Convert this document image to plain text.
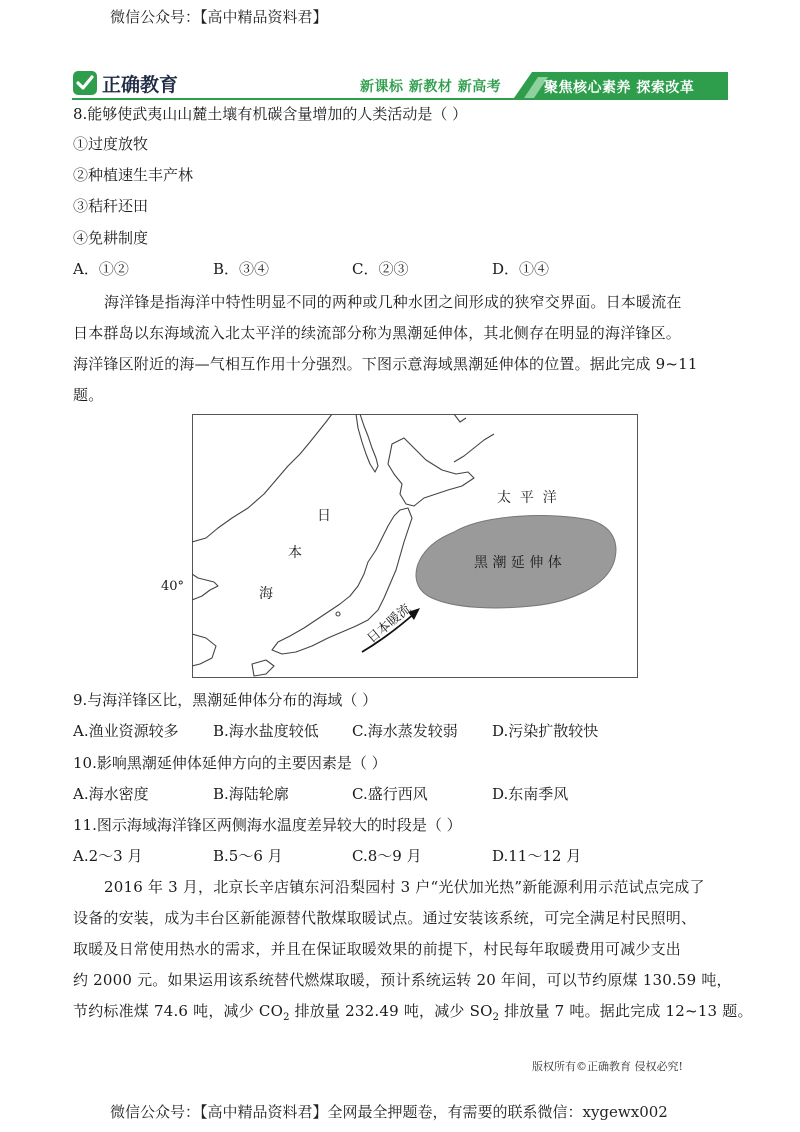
微信公众号：【高中精品资料君】
正确教育	新课标 新教材 新高考	聚焦核心素养 探索改革
8.能够使武夷山山麓土壤有机碳含量增加的人类活动是（ ）
①过度放牧
②种植速生丰产林
③秸秆还田
④免耕制度
A．①②	B．③④	C．②③	D．①④
海洋锋是指海洋中特性明显不同的两种或几种水团之间形成的狭窄交界面。日本暖流在
日本群岛以东海域流入北太平洋的续流部分称为黑潮延伸体，其北侧存在明显的海洋锋区。
海洋锋区附近的海—气相互作用十分强烈。下图示意海域黑潮延伸体的位置。据此完成 9~11
题。
40°
日
本
海
太  平  洋
黑 潮 延 伸 体
日本暖流
9.与海洋锋区比，黑潮延伸体分布的海域（ ）
A.渔业资源较多 B.海水盐度较低 C.海水蒸发较弱 D.污染扩散较快
10.影响黑潮延伸体延伸方向的主要因素是（ ）
A.海水密度	B.海陆轮廓	C.盛行西风	D.东南季风
11.图示海域海洋锋区两侧海水温度差异较大的时段是（ ）
A.2～3 月	B.5～6 月	C.8～9 月	D.11～12 月
2016 年 3 月，北京长辛店镇东河沿梨园村 3 户“光伏加光热”新能源利用示范试点完成了
设备的安装，成为丰台区新能源替代散煤取暖试点。通过安装该系统，可完全满足村民照明、
取暖及日常使用热水的需求，并且在保证取暖效果的前提下，村民每年取暖费用可减少支出
约 2000 元。如果运用该系统替代燃煤取暖，预计系统运转 20 年间，可以节约原煤 130.59 吨，
节约标准煤 74.6 吨，减少 $CO_2$ 排放量 232.49 吨，减少 $SO_2$ 排放量 7 吨。据此完成 12~13 题。
版权所有©正确教育 侵权必究!
微信公众号：【高中精品资料君】全网最全押题卷，有需要的联系微信：xygewx002
